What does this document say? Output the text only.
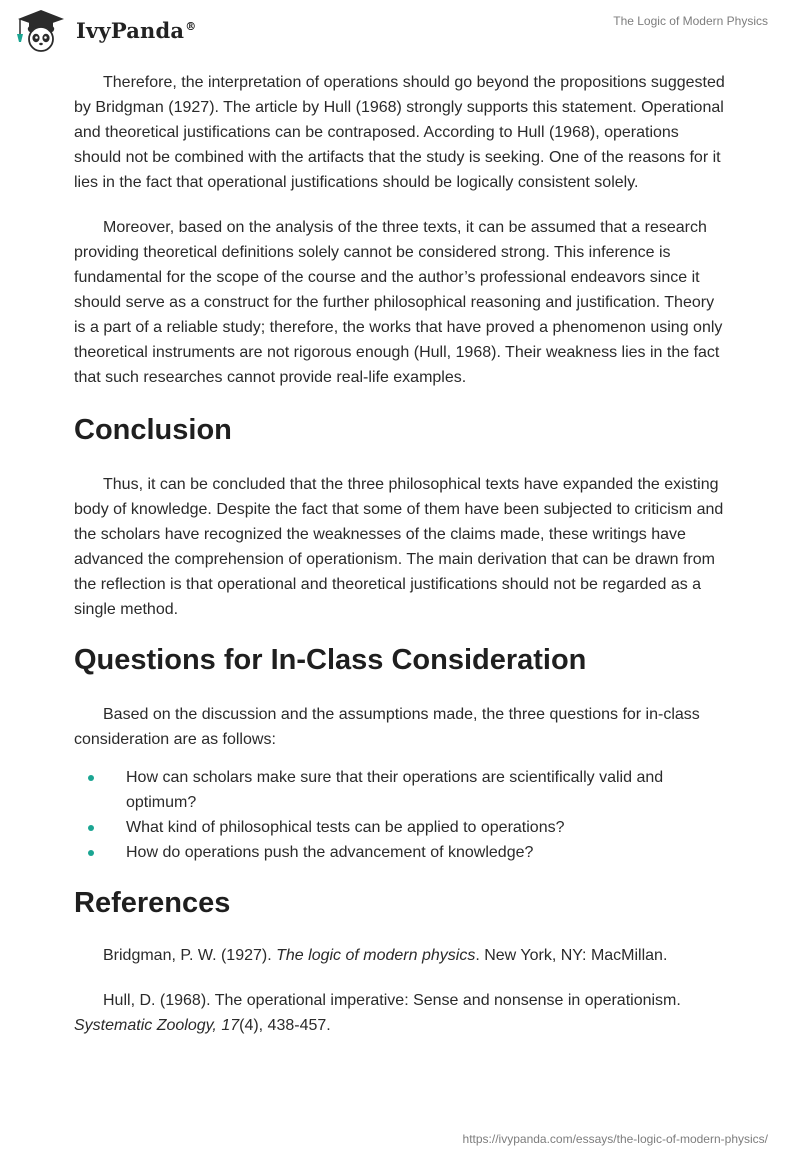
IvyPanda®	The Logic of Modern Physics

Therefore, the interpretation of operations should go beyond the propositions suggested by Bridgman (1927). The article by Hull (1968) strongly supports this statement. Operational and theoretical justifications can be contraposed. According to Hull (1968), operations should not be combined with the artifacts that the study is seeking. One of the reasons for it lies in the fact that operational justifications should be logically consistent solely.

Moreover, based on the analysis of the three texts, it can be assumed that a research providing theoretical definitions solely cannot be considered strong. This inference is fundamental for the scope of the course and the author’s professional endeavors since it should serve as a construct for the further philosophical reasoning and justification. Theory is a part of a reliable study; therefore, the works that have proved a phenomenon using only theoretical instruments are not rigorous enough (Hull, 1968). Their weakness lies in the fact that such researches cannot provide real-life examples.

Conclusion

Thus, it can be concluded that the three philosophical texts have expanded the existing body of knowledge. Despite the fact that some of them have been subjected to criticism and the scholars have recognized the weaknesses of the claims made, these writings have advanced the comprehension of operationism. The main derivation that can be drawn from the reflection is that operational and theoretical justifications should not be regarded as a single method.

Questions for In-Class Consideration

Based on the discussion and the assumptions made, the three questions for in-class consideration are as follows:

How can scholars make sure that their operations are scientifically valid and optimum?
What kind of philosophical tests can be applied to operations?
How do operations push the advancement of knowledge?
References

Bridgman, P. W. (1927). The logic of modern physics. New York, NY: MacMillan.

Hull, D. (1968). The operational imperative: Sense and nonsense in operationism. Systematic Zoology, 17(4), 438-457.

https://ivypanda.com/essays/the-logic-of-modern-physics/
